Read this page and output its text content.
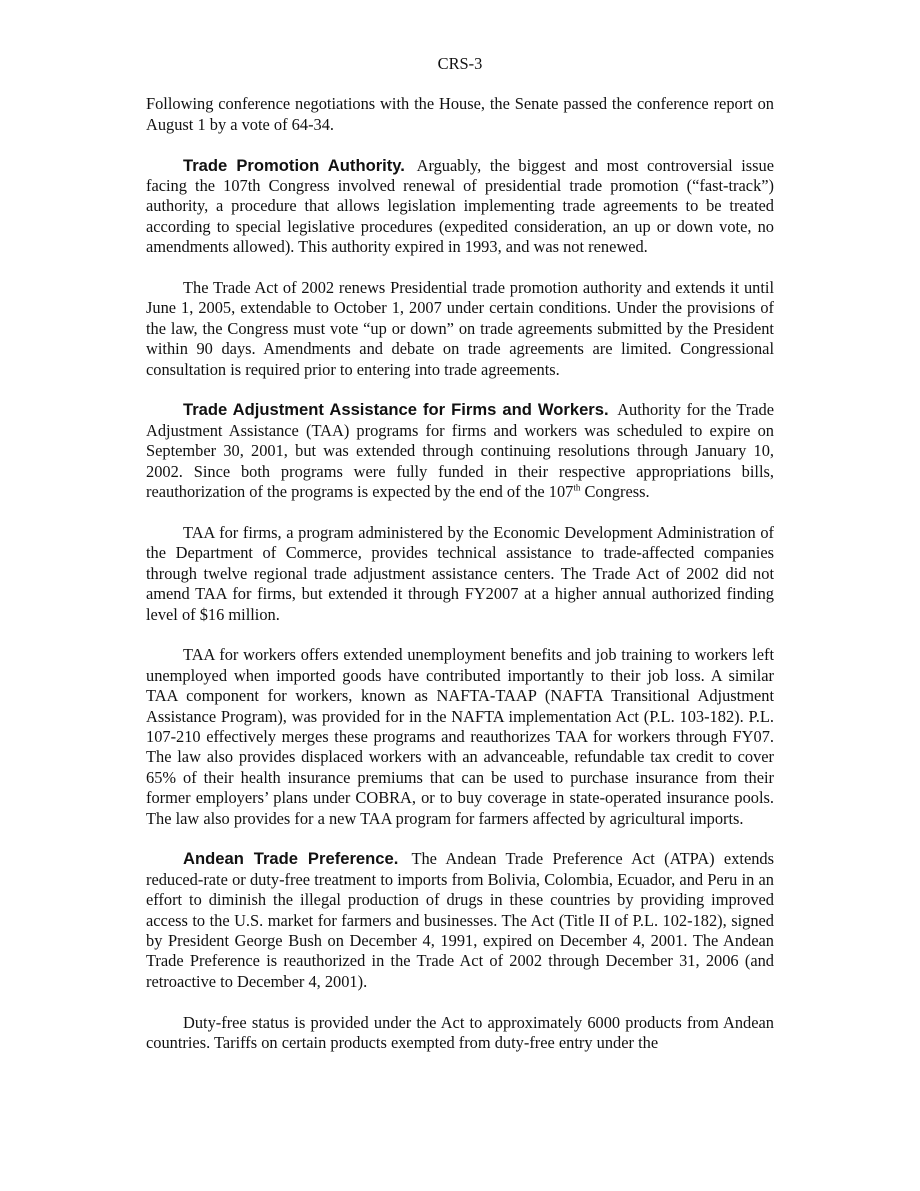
CRS-3

Following conference negotiations with the House, the Senate passed the conference report on August 1 by a vote of 64-34.

Trade Promotion Authority. Arguably, the biggest and most controversial issue facing the 107th Congress involved renewal of presidential trade promotion (“fast-track”) authority, a procedure that allows legislation implementing trade agreements to be treated according to special legislative procedures (expedited consideration, an up or down vote, no amendments allowed). This authority expired in 1993, and was not renewed.

The Trade Act of 2002 renews Presidential trade promotion authority and extends it until June 1, 2005, extendable to October 1, 2007 under certain conditions. Under the provisions of the law, the Congress must vote “up or down” on trade agreements submitted by the President within 90 days. Amendments and debate on trade agreements are limited. Congressional consultation is required prior to entering into trade agreements.

Trade Adjustment Assistance for Firms and Workers. Authority for the Trade Adjustment Assistance (TAA) programs for firms and workers was scheduled to expire on September 30, 2001, but was extended through continuing resolutions through January 10, 2002. Since both programs were fully funded in their respective appropriations bills, reauthorization of the programs is expected by the end of the 107th Congress.

TAA for firms, a program administered by the Economic Development Administration of the Department of Commerce, provides technical assistance to trade-affected companies through twelve regional trade adjustment assistance centers. The Trade Act of 2002 did not amend TAA for firms, but extended it through FY2007 at a higher annual authorized finding level of $16 million.

TAA for workers offers extended unemployment benefits and job training to workers left unemployed when imported goods have contributed importantly to their job loss. A similar TAA component for workers, known as NAFTA-TAAP (NAFTA Transitional Adjustment Assistance Program), was provided for in the NAFTA implementation Act (P.L. 103-182). P.L. 107-210 effectively merges these programs and reauthorizes TAA for workers through FY07. The law also provides displaced workers with an advanceable, refundable tax credit to cover 65% of their health insurance premiums that can be used to purchase insurance from their former employers’ plans under COBRA, or to buy coverage in state-operated insurance pools. The law also provides for a new TAA program for farmers affected by agricultural imports.

Andean Trade Preference. The Andean Trade Preference Act (ATPA) extends reduced-rate or duty-free treatment to imports from Bolivia, Colombia, Ecuador, and Peru in an effort to diminish the illegal production of drugs in these countries by providing improved access to the U.S. market for farmers and businesses. The Act (Title II of P.L. 102-182), signed by President George Bush on December 4, 1991, expired on December 4, 2001. The Andean Trade Preference is reauthorized in the Trade Act of 2002 through December 31, 2006 (and retroactive to December 4, 2001).

Duty-free status is provided under the Act to approximately 6000 products from Andean countries. Tariffs on certain products exempted from duty-free entry under the
